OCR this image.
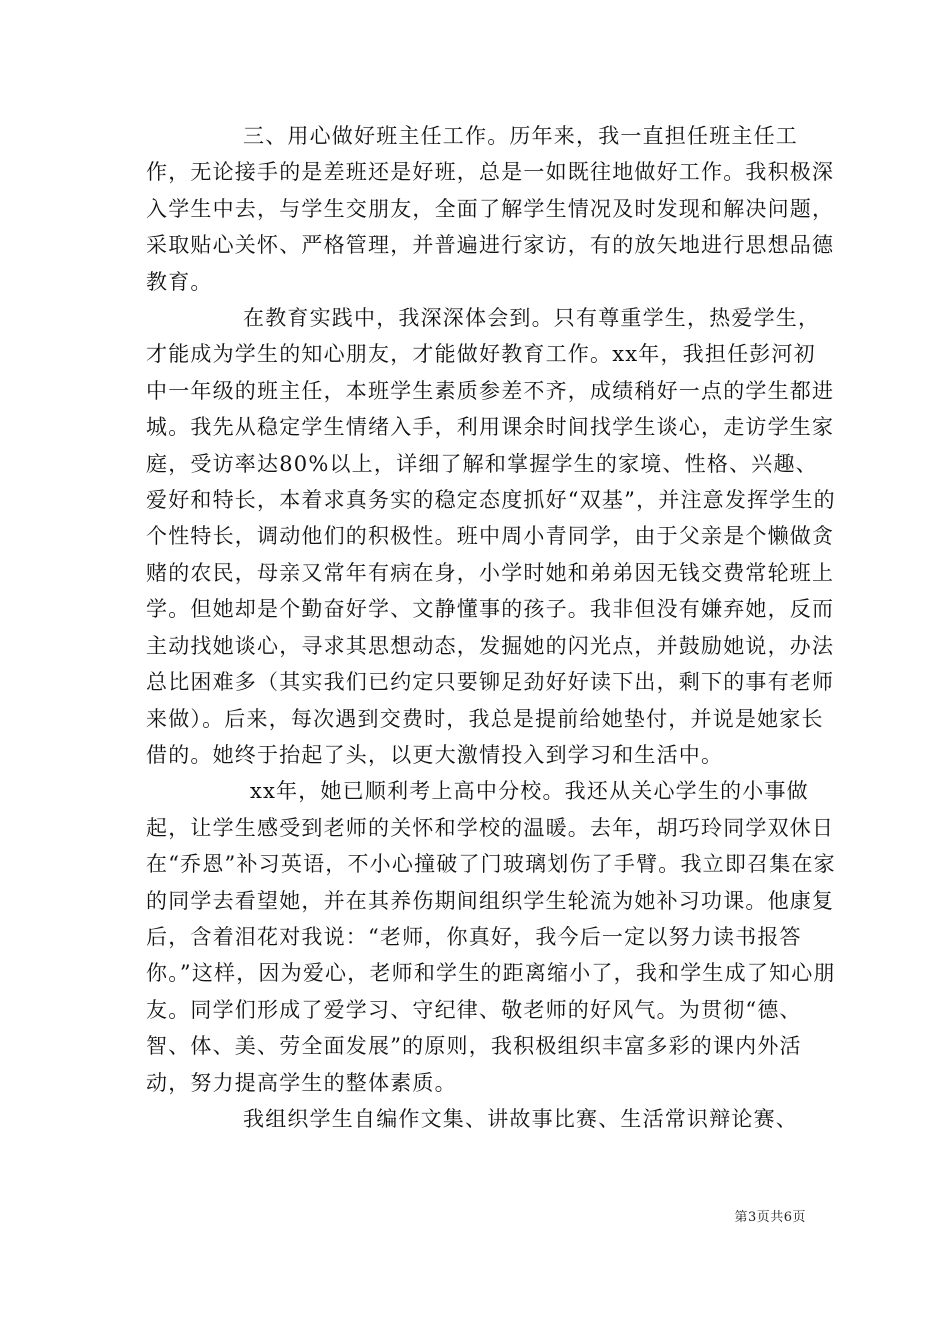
三、用心做好班主任工作。历年来，我一直担任班主任工作，无论接手的是差班还是好班，总是一如既往地做好工作。我积极深入学生中去，与学生交朋友，全面了解学生情况及时发现和解决问题，采取贴心关怀、严格管理，并普遍进行家访，有的放矢地进行思想品德教育。

在教育实践中，我深深体会到。只有尊重学生，热爱学生，才能成为学生的知心朋友，才能做好教育工作。xx年，我担任彭河初中一年级的班主任，本班学生素质参差不齐，成绩稍好一点的学生都进城。我先从稳定学生情绪入手，利用课余时间找学生谈心，走访学生家庭，受访率达80%以上，详细了解和掌握学生的家境、性格、兴趣、爱好和特长，本着求真务实的稳定态度抓好“双基”，并注意发挥学生的个性特长，调动他们的积极性。班中周小青同学，由于父亲是个懒做贪赌的农民，母亲又常年有病在身，小学时她和弟弟因无钱交费常轮班上学。但她却是个勤奋好学、文静懂事的孩子。我非但没有嫌弃她，反而主动找她谈心，寻求其思想动态，发掘她的闪光点，并鼓励她说，办法总比困难多（其实我们已约定只要铆足劲好好读下出，剩下的事有老师来做）。后来，每次遇到交费时，我总是提前给她垫付，并说是她家长借的。她终于抬起了头，以更大激情投入到学习和生活中。

xx年，她已顺利考上高中分校。我还从关心学生的小事做起，让学生感受到老师的关怀和学校的温暖。去年，胡巧玲同学双休日在“乔恩”补习英语，不小心撞破了门玻璃划伤了手臂。我立即召集在家的同学去看望她，并在其养伤期间组织学生轮流为她补习功课。他康复后，含着泪花对我说：“老师，你真好，我今后一定以努力读书报答你。”这样，因为爱心，老师和学生的距离缩小了，我和学生成了知心朋友。同学们形成了爱学习、守纪律、敬老师的好风气。为贯彻“德、智、体、美、劳全面发展”的原则，我积极组织丰富多彩的课内外活动，努力提高学生的整体素质。

我组织学生自编作文集、讲故事比赛、生活常识辩论赛、

第3页共6页
